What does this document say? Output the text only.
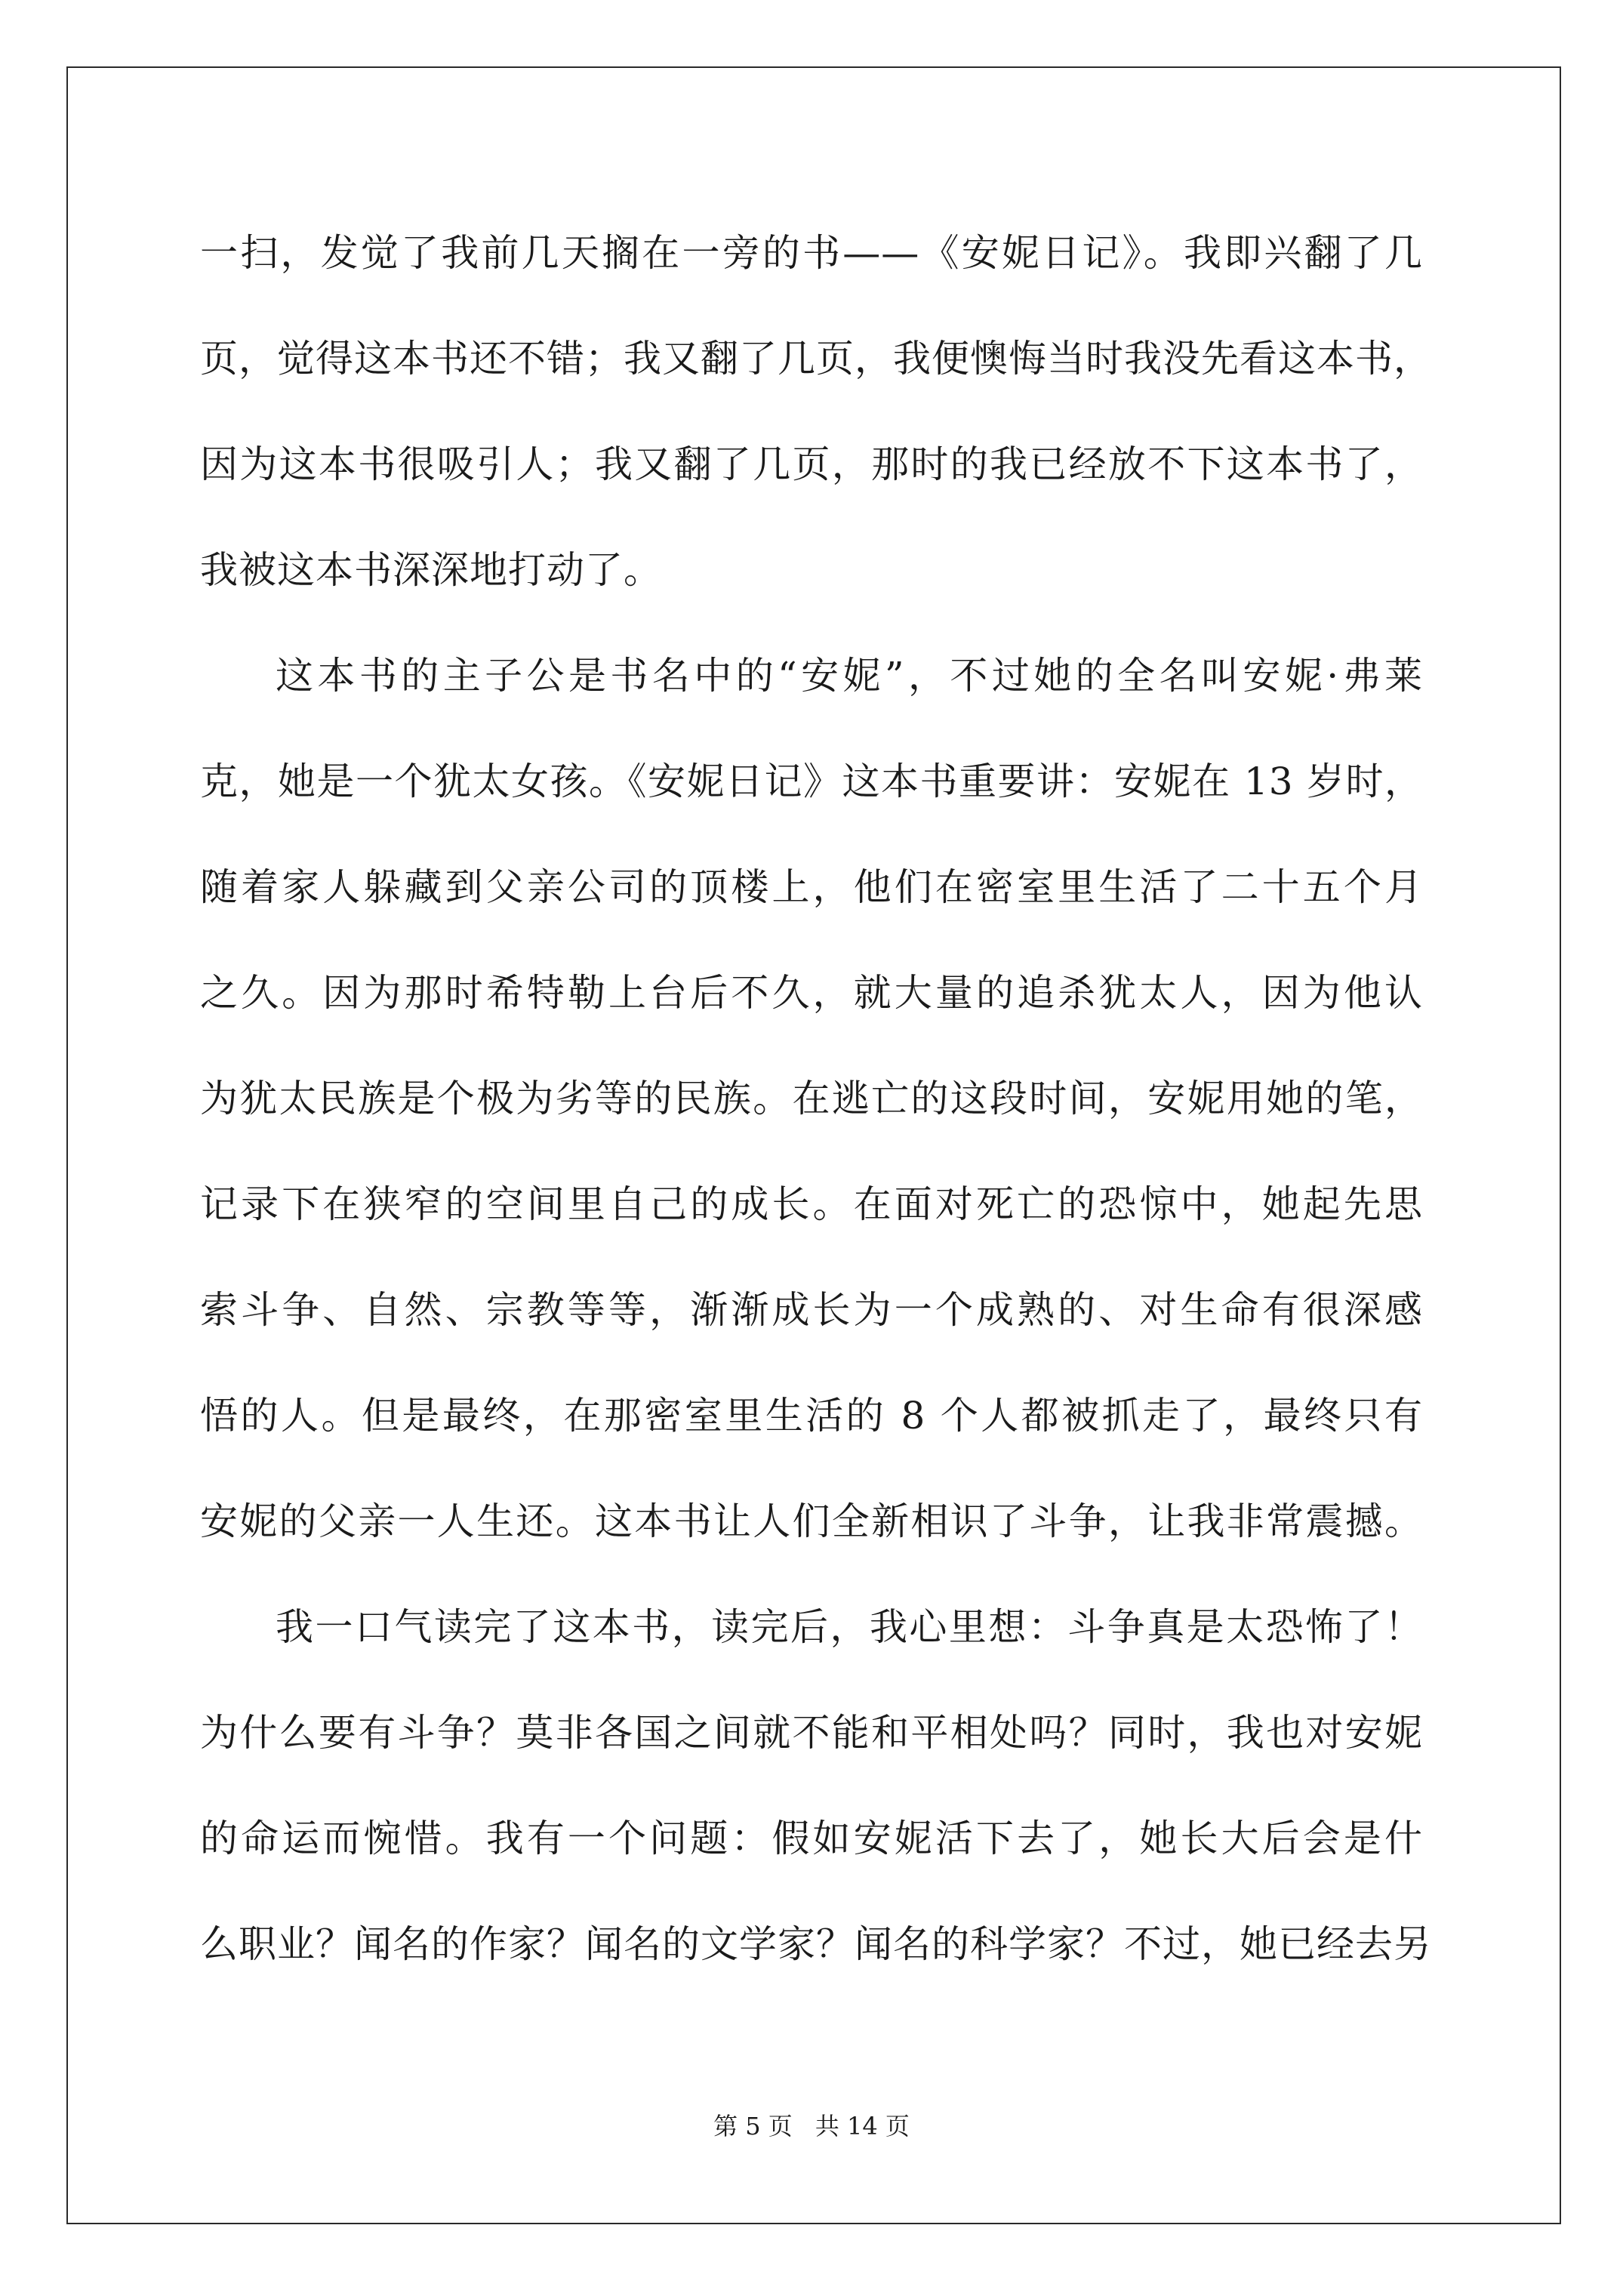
一扫，发觉了我前几天搁在一旁的书——《安妮日记》。我即兴翻了几
页，觉得这本书还不错；我又翻了几页，我便懊悔当时我没先看这本书，
因为这本书很吸引人；我又翻了几页，那时的我已经放不下这本书了，
我被这本书深深地打动了。
这本书的主子公是书名中的“安妮”，不过她的全名叫安妮·弗莱
克，她是一个犹太女孩。《安妮日记》这本书重要讲：安妮在 13 岁时，
随着家人躲藏到父亲公司的顶楼上，他们在密室里生活了二十五个月
之久。因为那时希特勒上台后不久，就大量的追杀犹太人，因为他认
为犹太民族是个极为劣等的民族。在逃亡的这段时间，安妮用她的笔，
记录下在狭窄的空间里自己的成长。在面对死亡的恐惊中，她起先思
索斗争、自然、宗教等等，渐渐成长为一个成熟的、对生命有很深感
悟的人。但是最终，在那密室里生活的 8 个人都被抓走了，最终只有
安妮的父亲一人生还。这本书让人们全新相识了斗争，让我非常震撼。
我一口气读完了这本书，读完后，我心里想：斗争真是太恐怖了！
为什么要有斗争？莫非各国之间就不能和平相处吗？同时，我也对安妮
的命运而惋惜。我有一个问题：假如安妮活下去了，她长大后会是什
么职业？闻名的作家？闻名的文学家？闻名的科学家？不过，她已经去另
第 5 页 共 14 页
